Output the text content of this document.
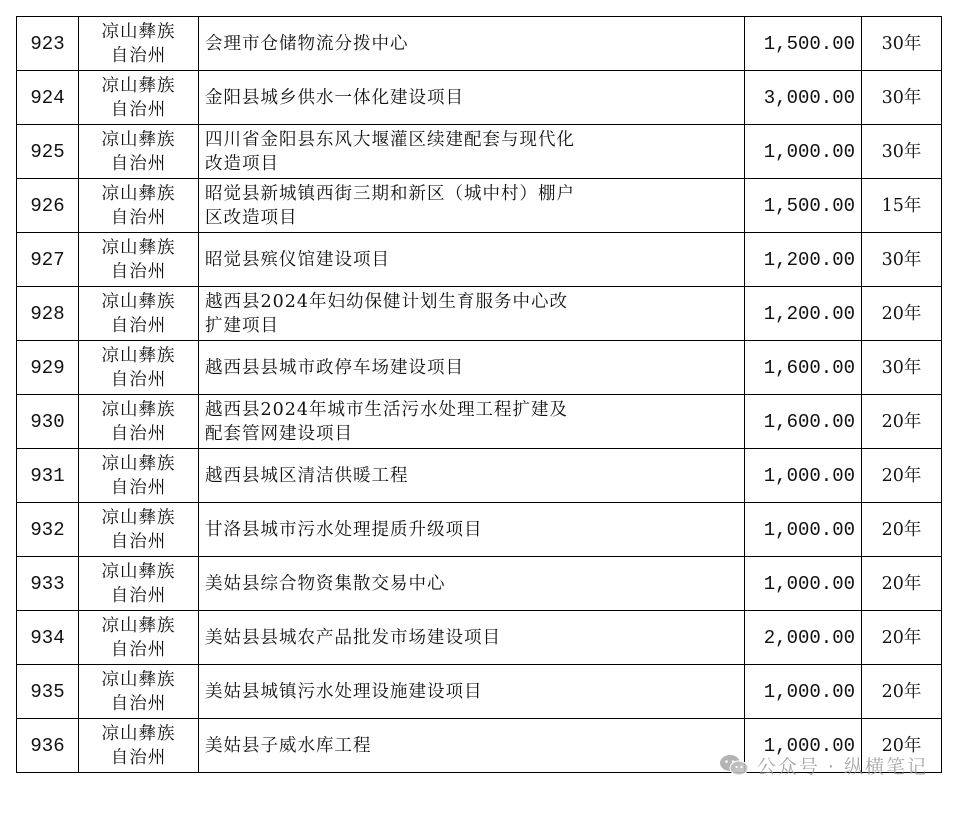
923	凉山彝族自治州	会理市仓储物流分拨中心	1,500.00	30年
924	凉山彝族自治州	金阳县城乡供水一体化建设项目	3,000.00	30年
925	凉山彝族自治州	四川省金阳县东风大堰灌区续建配套与现代化改造项目	1,000.00	30年
926	凉山彝族自治州	昭觉县新城镇西街三期和新区（城中村）棚户区改造项目	1,500.00	15年
927	凉山彝族自治州	昭觉县殡仪馆建设项目	1,200.00	30年
928	凉山彝族自治州	越西县2024年妇幼保健计划生育服务中心改扩建项目	1,200.00	20年
929	凉山彝族自治州	越西县县城市政停车场建设项目	1,600.00	30年
930	凉山彝族自治州	越西县2024年城市生活污水处理工程扩建及配套管网建设项目	1,600.00	20年
931	凉山彝族自治州	越西县城区清洁供暖工程	1,000.00	20年
932	凉山彝族自治州	甘洛县城市污水处理提质升级项目	1,000.00	20年
933	凉山彝族自治州	美姑县综合物资集散交易中心	1,000.00	20年
934	凉山彝族自治州	美姑县县城农产品批发市场建设项目	2,000.00	20年
935	凉山彝族自治州	美姑县城镇污水处理设施建设项目	1,000.00	20年
936	凉山彝族自治州	美姑县子威水库工程	1,000.00	20年
公众号 · 纵横笔记
